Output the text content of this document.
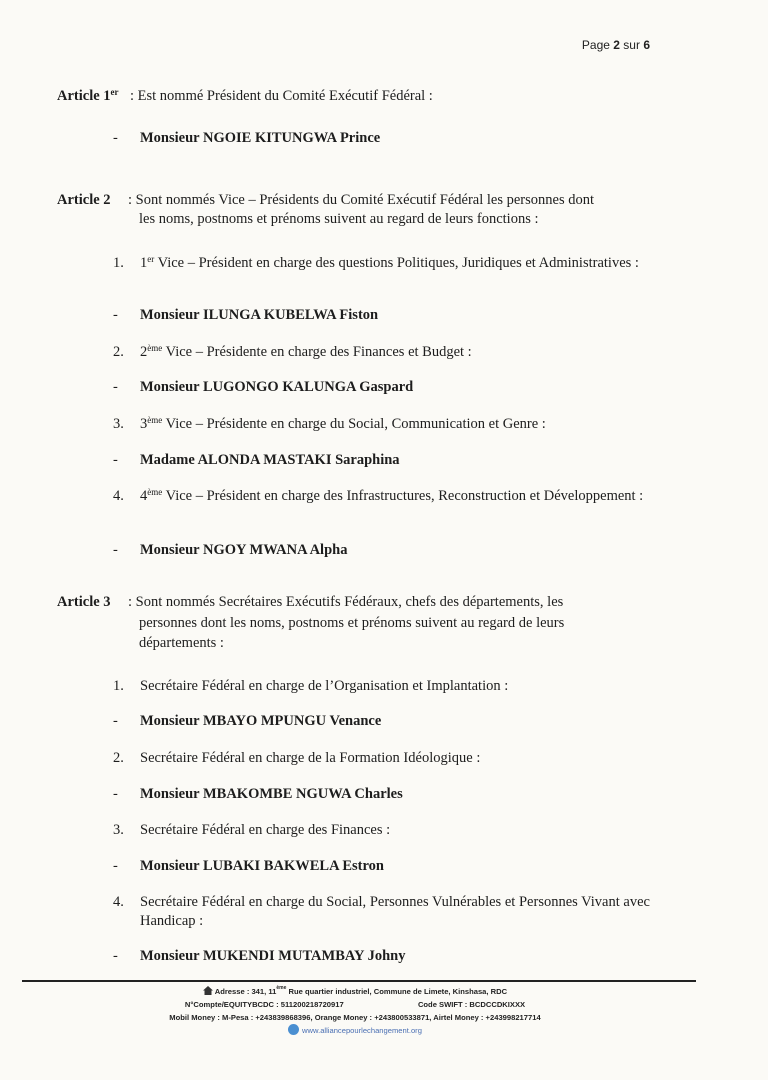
Page 2 sur 6
Article 1er : Est nommé Président du Comité Exécutif Fédéral :
- Monsieur NGOIE KITUNGWA Prince
Article 2 : Sont nommés Vice – Présidents du Comité Exécutif Fédéral les personnes dont
les noms, postnoms et prénoms suivent au regard de leurs fonctions :
1. 1er Vice – Président en charge des questions Politiques, Juridiques et Administratives :
- Monsieur ILUNGA KUBELWA Fiston
2. 2ème Vice – Présidente en charge des Finances et Budget :
- Monsieur LUGONGO KALUNGA Gaspard
3. 3ème Vice – Présidente en charge du Social, Communication et Genre :
- Madame ALONDA MASTAKI Saraphina
4. 4ème Vice – Président en charge des Infrastructures, Reconstruction et Développement :
- Monsieur NGOY MWANA Alpha
Article 3 : Sont nommés Secrétaires Exécutifs Fédéraux, chefs des départements, les
personnes dont les noms, postnoms et prénoms suivent au regard de leurs
départements :
1. Secrétaire Fédéral en charge de l’Organisation et Implantation :
- Monsieur MBAYO MPUNGU Venance
2. Secrétaire Fédéral en charge de la Formation Idéologique :
- Monsieur MBAKOMBE NGUWA Charles
3. Secrétaire Fédéral en charge des Finances :
- Monsieur LUBAKI BAKWELA Estron
4. Secrétaire Fédéral en charge du Social, Personnes Vulnérables et Personnes Vivant avec Handicap :
- Monsieur MUKENDI MUTAMBAY Johny
Adresse : 341, 11ème Rue quartier industriel, Commune de Limete, Kinshasa, RDC
N°Compte/EQUITYBCDC : 511200218720917	Code SWIFT : BCDCCDKIXXX
Mobil Money : M-Pesa : +243839868396, Orange Money : +243800533871, Airtel Money : +243998217714
www.alliancepourlechangement.org
